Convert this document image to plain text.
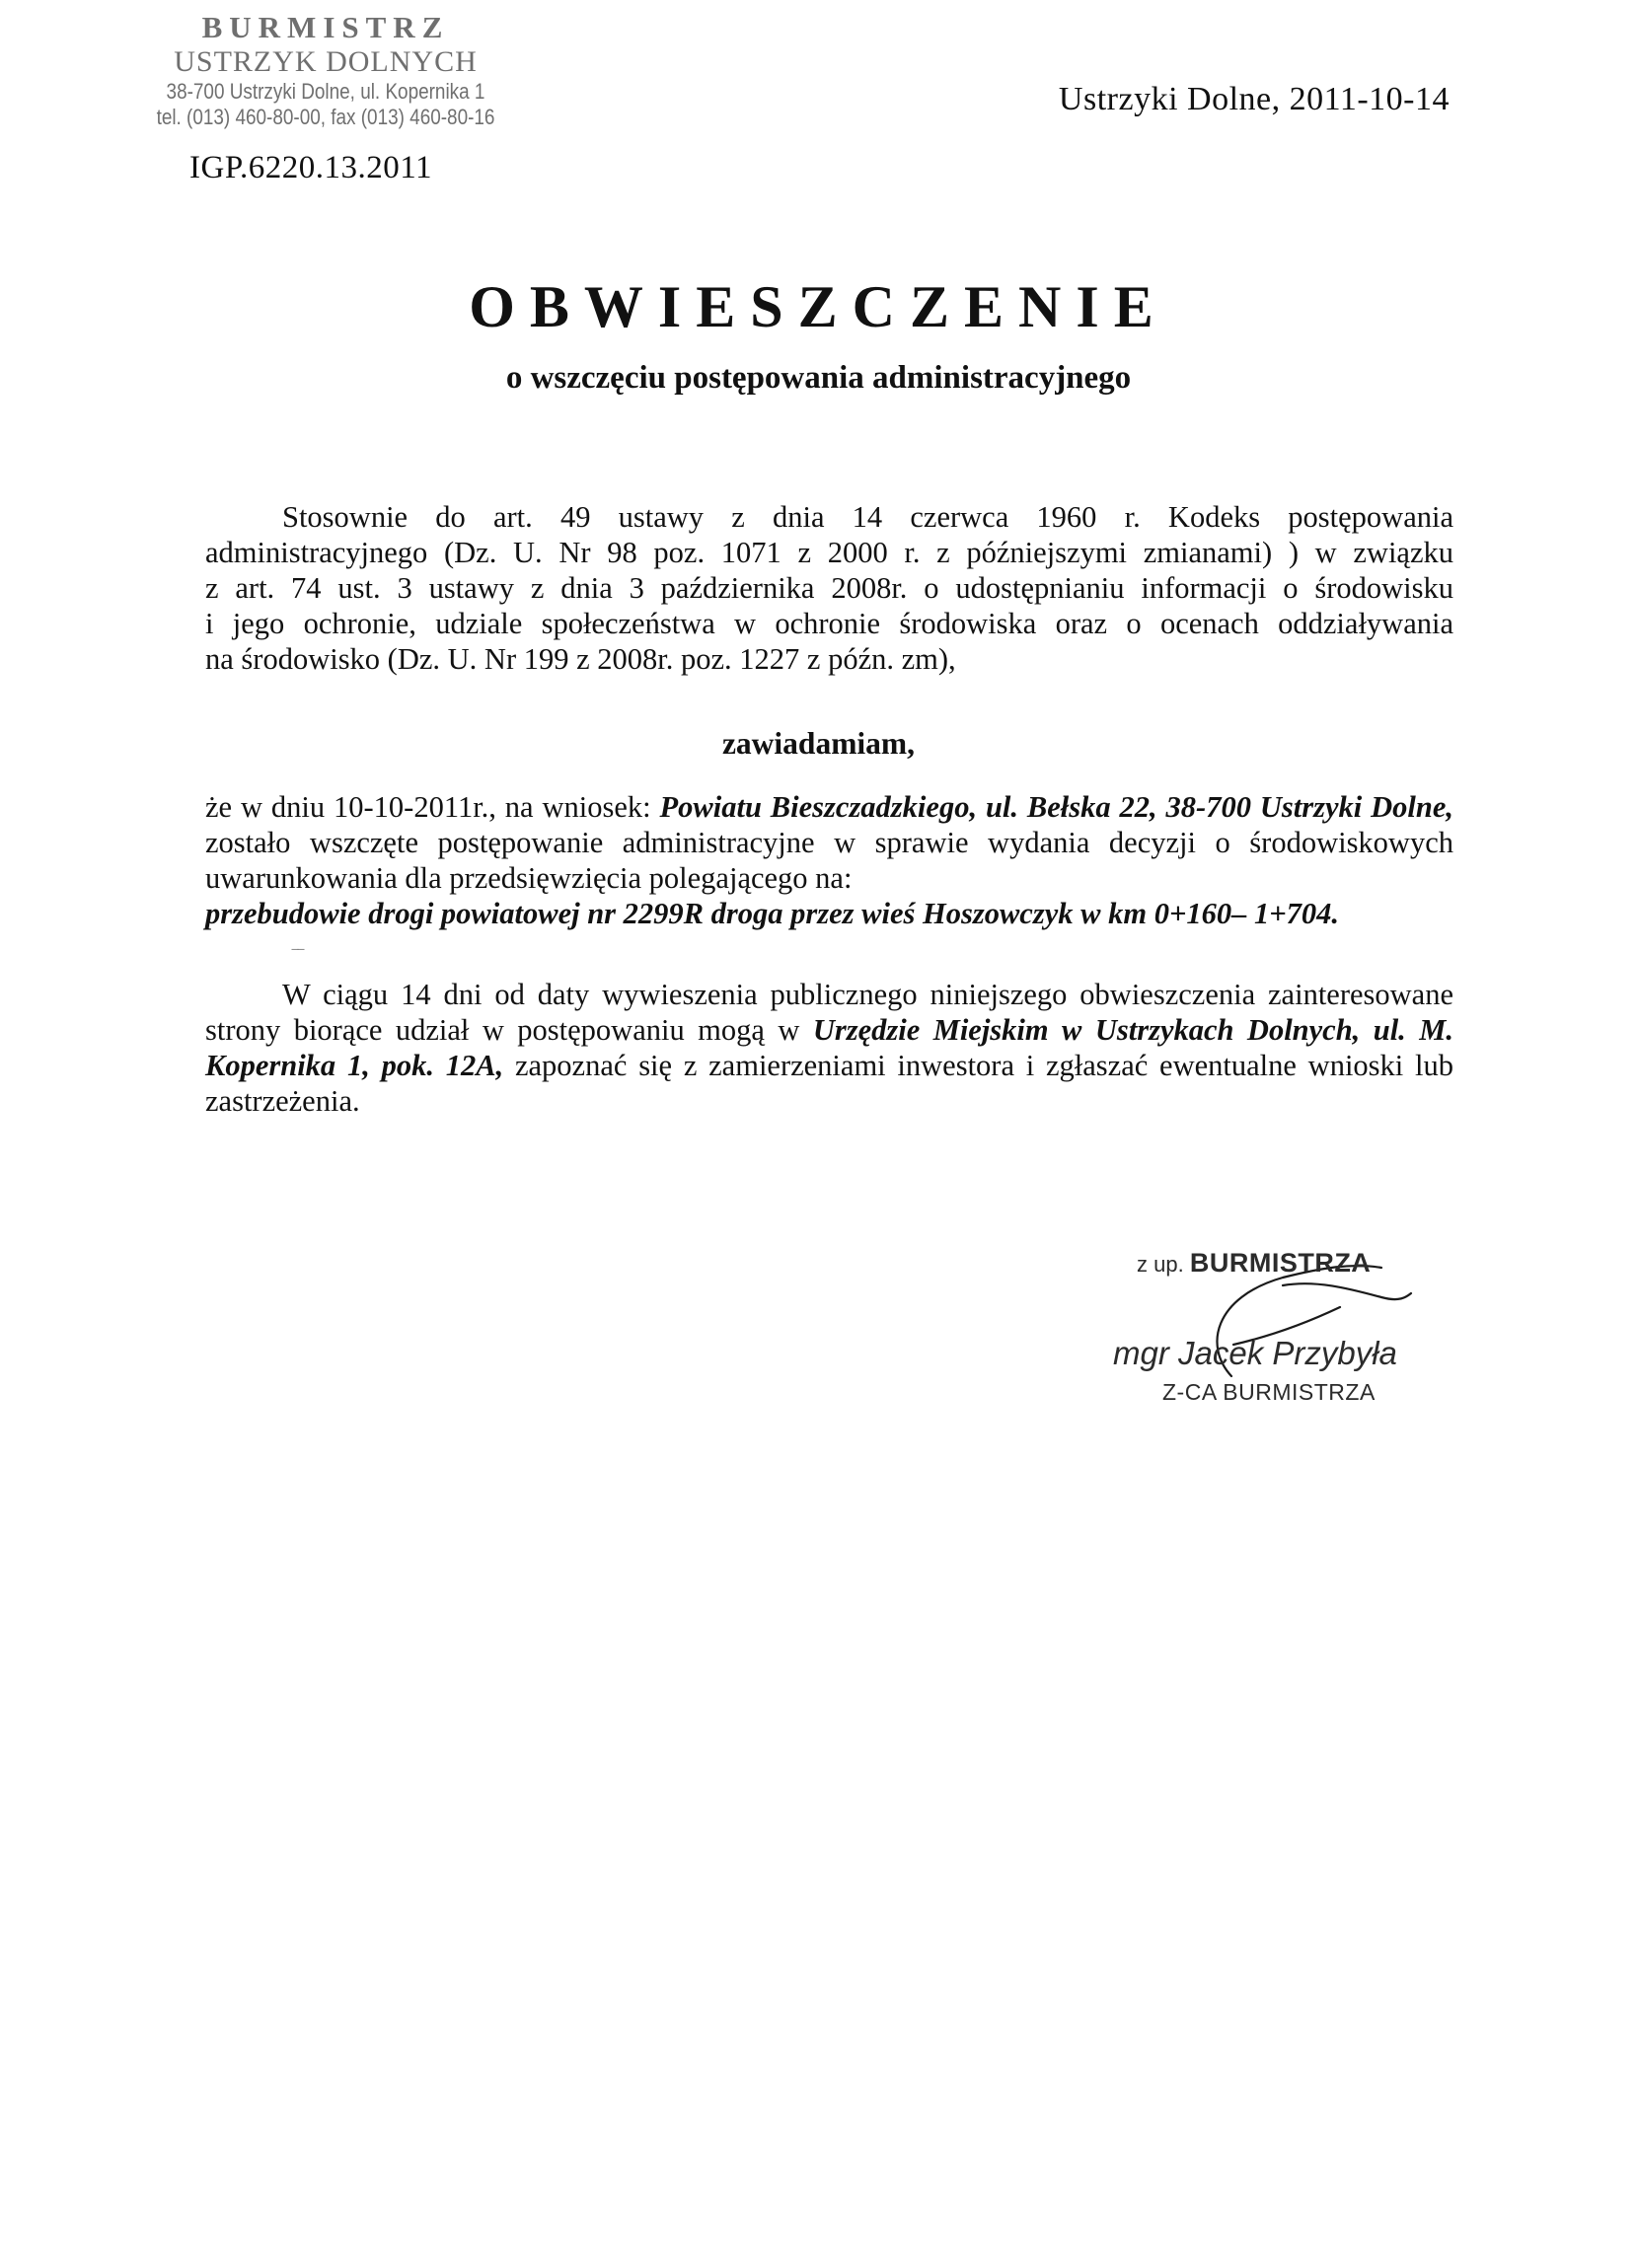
BURMISTRZ
USTRZYK DOLNYCH
38-700 Ustrzyki Dolne, ul. Kopernika 1
tel. (013) 460-80-00, fax (013) 460-80-16	Ustrzyki Dolne, 2011-10-14
IGP.6220.13.2011
OBWIESZCZENIE
o wszczęciu postępowania administracyjnego
Stosownie do art. 49 ustawy z dnia 14 czerwca 1960 r. Kodeks postępowania
administracyjnego (Dz. U. Nr 98 poz. 1071 z 2000 r. z późniejszymi zmianami) ) w związku
z art. 74 ust. 3 ustawy z dnia 3 października 2008r. o udostępnianiu informacji o środowisku
i jego ochronie, udziale społeczeństwa w ochronie środowiska oraz o ocenach oddziaływania
na środowisko (Dz. U. Nr 199 z 2008r. poz. 1227 z późn. zm),
zawiadamiam,
że w dniu 10-10-2011r., na wniosek: Powiatu Bieszczadzkiego, ul. Bełska 22, 38-700 Ustrzyki Dolne, zostało wszczęte postępowanie administracyjne w sprawie wydania decyzji o środowiskowych uwarunkowania dla przedsięwzięcia polegającego na:
przebudowie drogi powiatowej nr 2299R droga przez wieś Hoszowczyk w km 0+160– 1+704.
‾‾
W ciągu 14 dni od daty wywieszenia publicznego niniejszego obwieszczenia zainteresowane strony biorące udział w postępowaniu mogą w Urzędzie Miejskim w Ustrzykach Dolnych, ul. M. Kopernika 1, pok. 12A, zapoznać się z zamierzeniami inwestora i zgłaszać ewentualne wnioski lub zastrzeżenia.
z up. BURMISTRZA
mgr Jacek Przybyła
Z-CA BURMISTRZA
